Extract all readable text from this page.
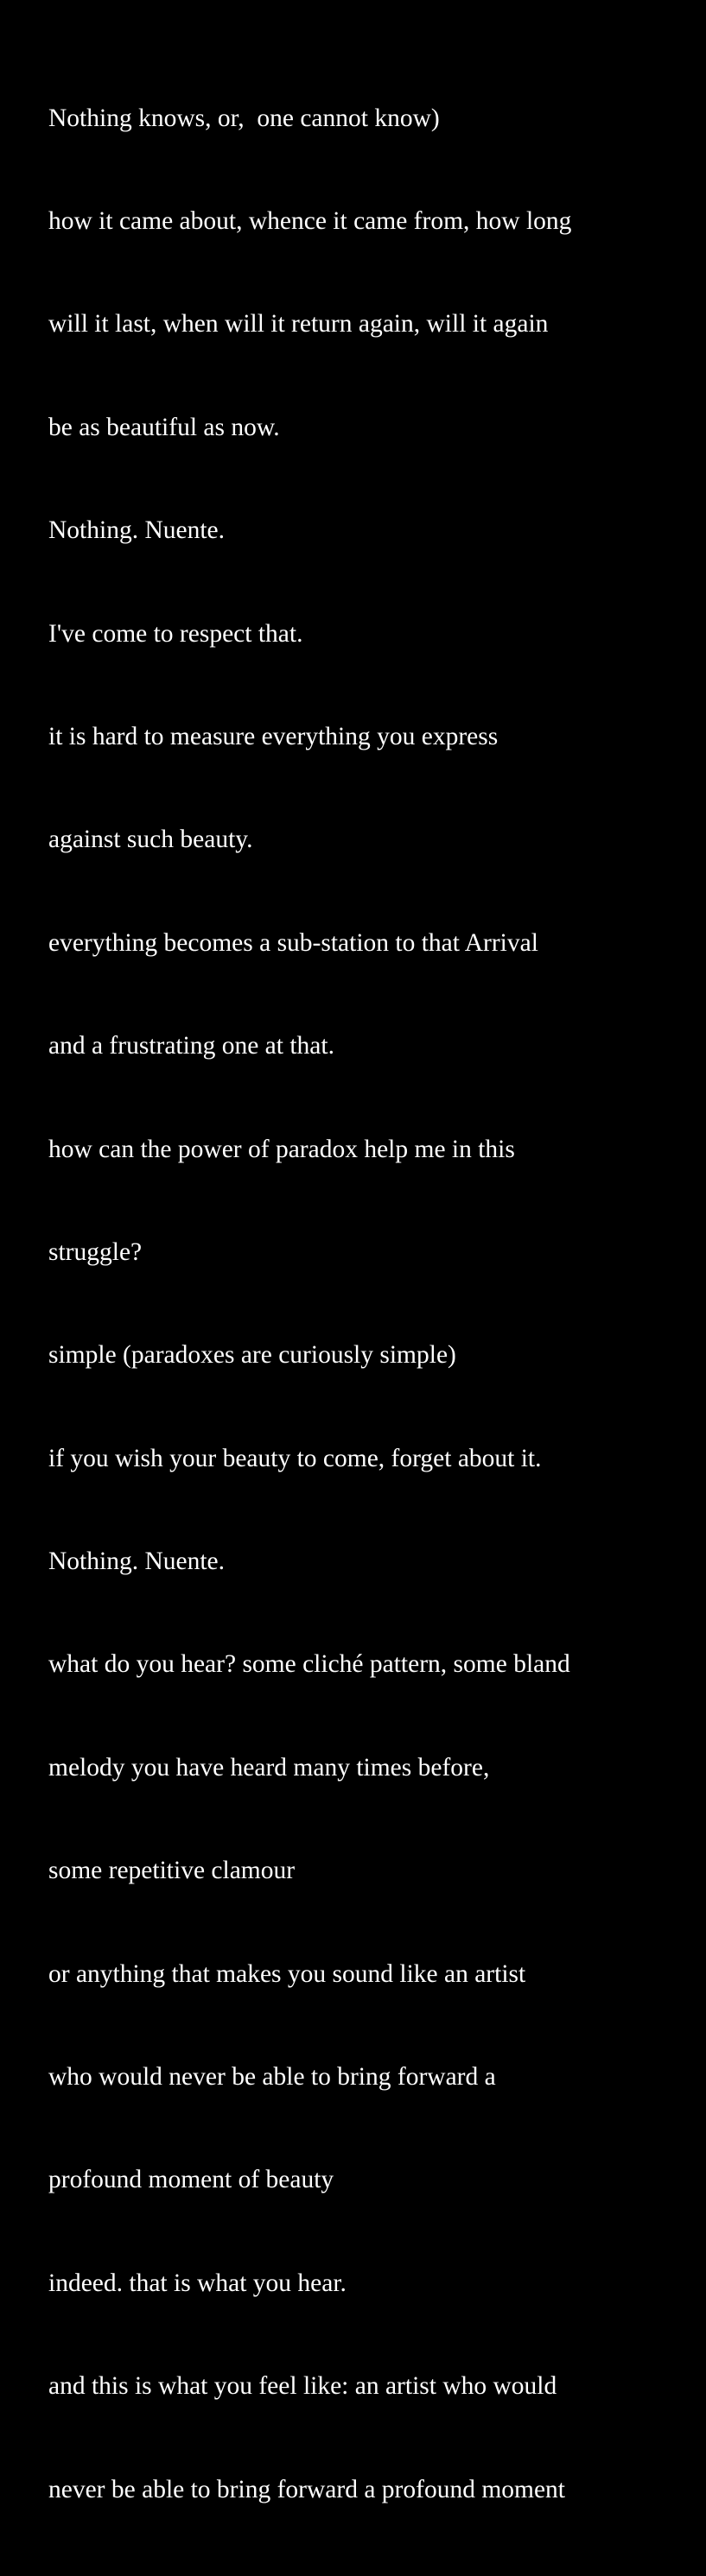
Nothing knows, or,  one cannot know)

how it came about, whence it came from, how long

will it last, when will it return again, will it again

be as beautiful as now.

Nothing. Nuente.

I've come to respect that.

it is hard to measure everything you express

against such beauty.

everything becomes a sub-station to that Arrival

and a frustrating one at that.

how can the power of paradox help me in this

struggle?

simple (paradoxes are curiously simple)

if you wish your beauty to come, forget about it.

Nothing. Nuente.

what do you hear? some cliché pattern, some bland

melody you have heard many times before,

some repetitive clamour

or anything that makes you sound like an artist

who would never be able to bring forward a

profound moment of beauty

indeed. that is what you hear.

and this is what you feel like: an artist who would

never be able to bring forward a profound moment
